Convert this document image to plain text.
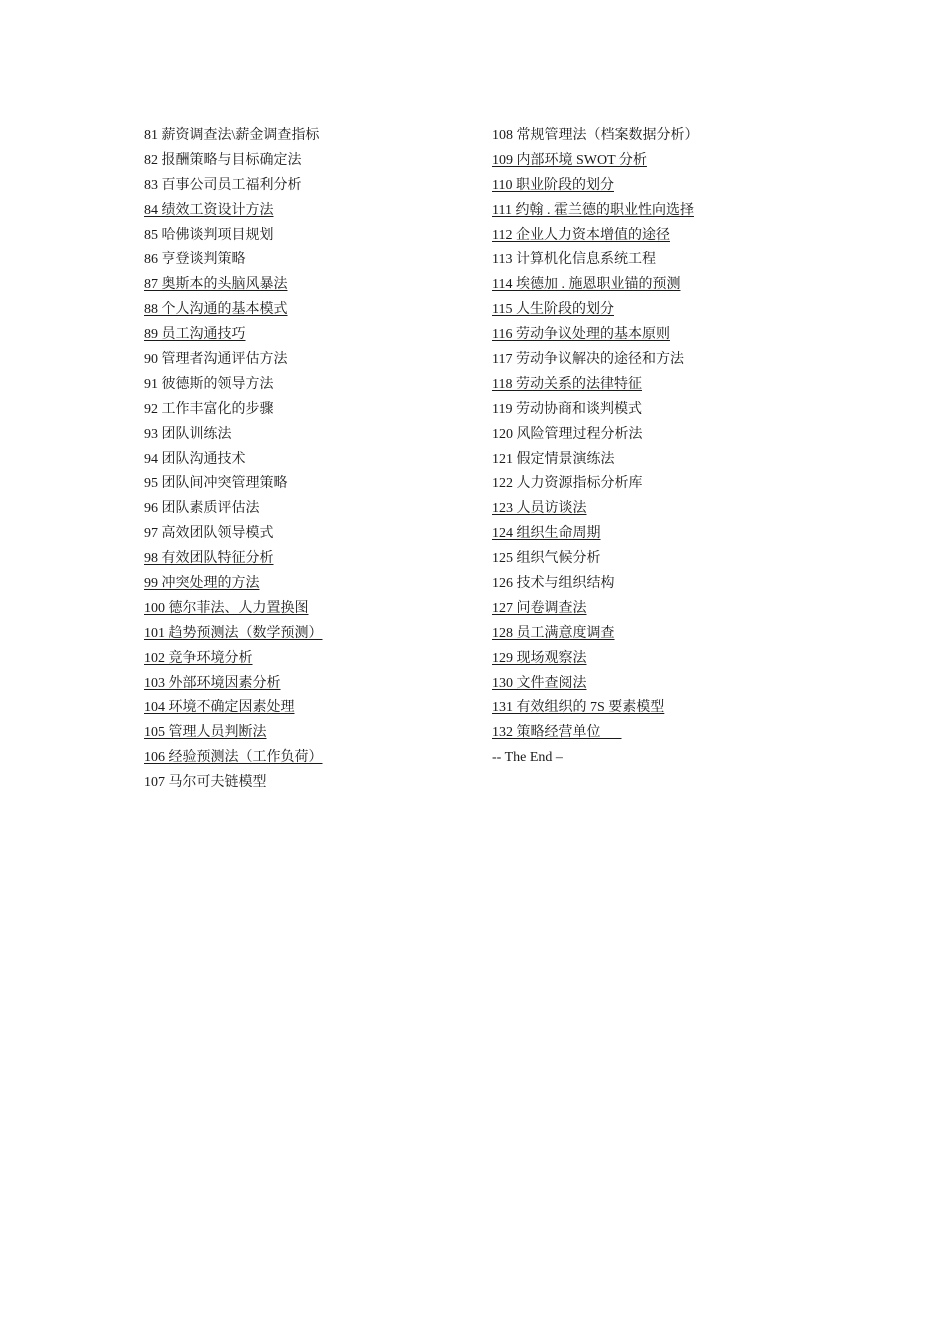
81 薪资调查法\薪金调查指标
82 报酬策略与目标确定法
83 百事公司员工福利分析
84 绩效工资设计方法
85 哈佛谈判项目规划
86 亨登谈判策略
87 奥斯本的头脑风暴法
88 个人沟通的基本模式
89 员工沟通技巧
90 管理者沟通评估方法
91 彼德斯的领导方法
92 工作丰富化的步骤
93 团队训练法
94 团队沟通技术
95 团队间冲突管理策略
96 团队素质评估法
97 高效团队领导模式
98 有效团队特征分析
99 冲突处理的方法
100 德尔菲法、人力置换图
101 趋势预测法（数学预测）
102 竞争环境分析
103 外部环境因素分析
104 环境不确定因素处理
105 管理人员判断法
106 经验预测法（工作负荷）
107 马尔可夫链模型
108 常规管理法（档案数据分析）
109 内部环境 SWOT 分析
110 职业阶段的划分
111 约翰 . 霍兰德的职业性向选择
112 企业人力资本增值的途径
113 计算机化信息系统工程
114 埃德加 . 施恩职业锚的预测
115 人生阶段的划分
116 劳动争议处理的基本原则
117 劳动争议解决的途径和方法
118 劳动关系的法律特征
119 劳动协商和谈判模式
120 风险管理过程分析法
121 假定情景演练法
122 人力资源指标分析库
123 人员访谈法
124 组织生命周期
125 组织气候分析
126 技术与组织结构
127 问卷调查法
128 员工满意度调查
129 现场观察法
130 文件查阅法
131 有效组织的 7S 要素模型
132 策略经营单位
-- The End –
